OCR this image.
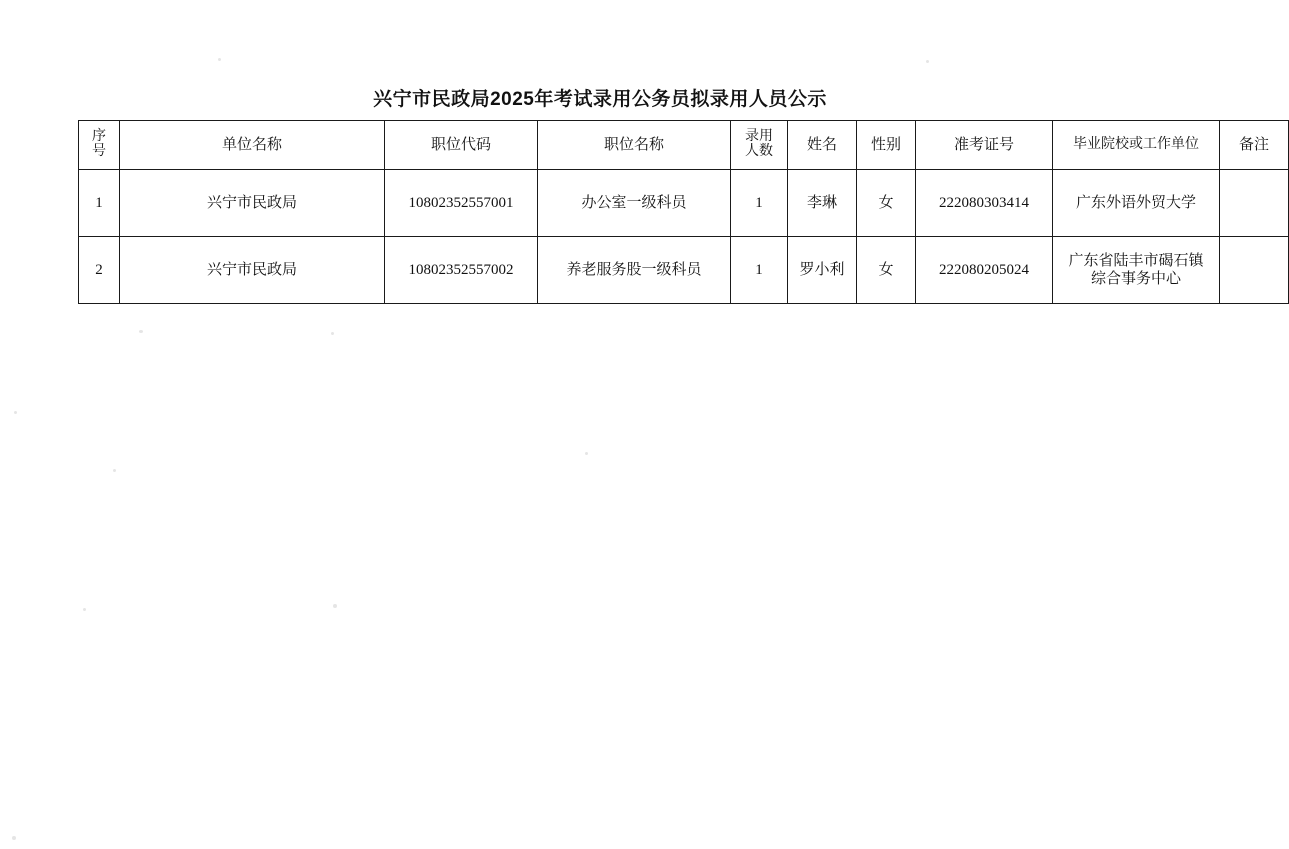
兴宁市民政局2025年考试录用公务员拟录用人员公示
序
号	单位名称	职位代码	职位名称	录用
人数	姓名	性别	准考证号	毕业院校或工作单位	备注
1	兴宁市民政局	10802352557001	办公室一级科员	1	李琳	女	222080303414	广东外语外贸大学	

2	兴宁市民政局	10802352557002	养老服务股一级科员	1	罗小利	女	222080205024	广东省陆丰市碣石镇
综合事务中心	
